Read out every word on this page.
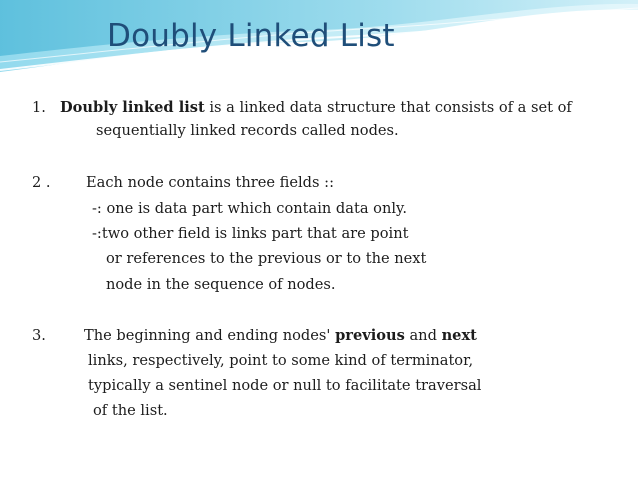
Doubly Linked List
1. Doubly linked list is a linked data structure that consists of a set of
sequentially linked records called nodes.
2 . Each node contains three fields ::
-: one is data part which contain data only.
-:two other field is links part that are point
or references to the previous or to the next
node in the sequence of nodes.
3.	The beginning and ending nodes' previous and next
links, respectively, point to some kind of terminator,
typically a sentinel node or null to facilitate traversal
of the list.
